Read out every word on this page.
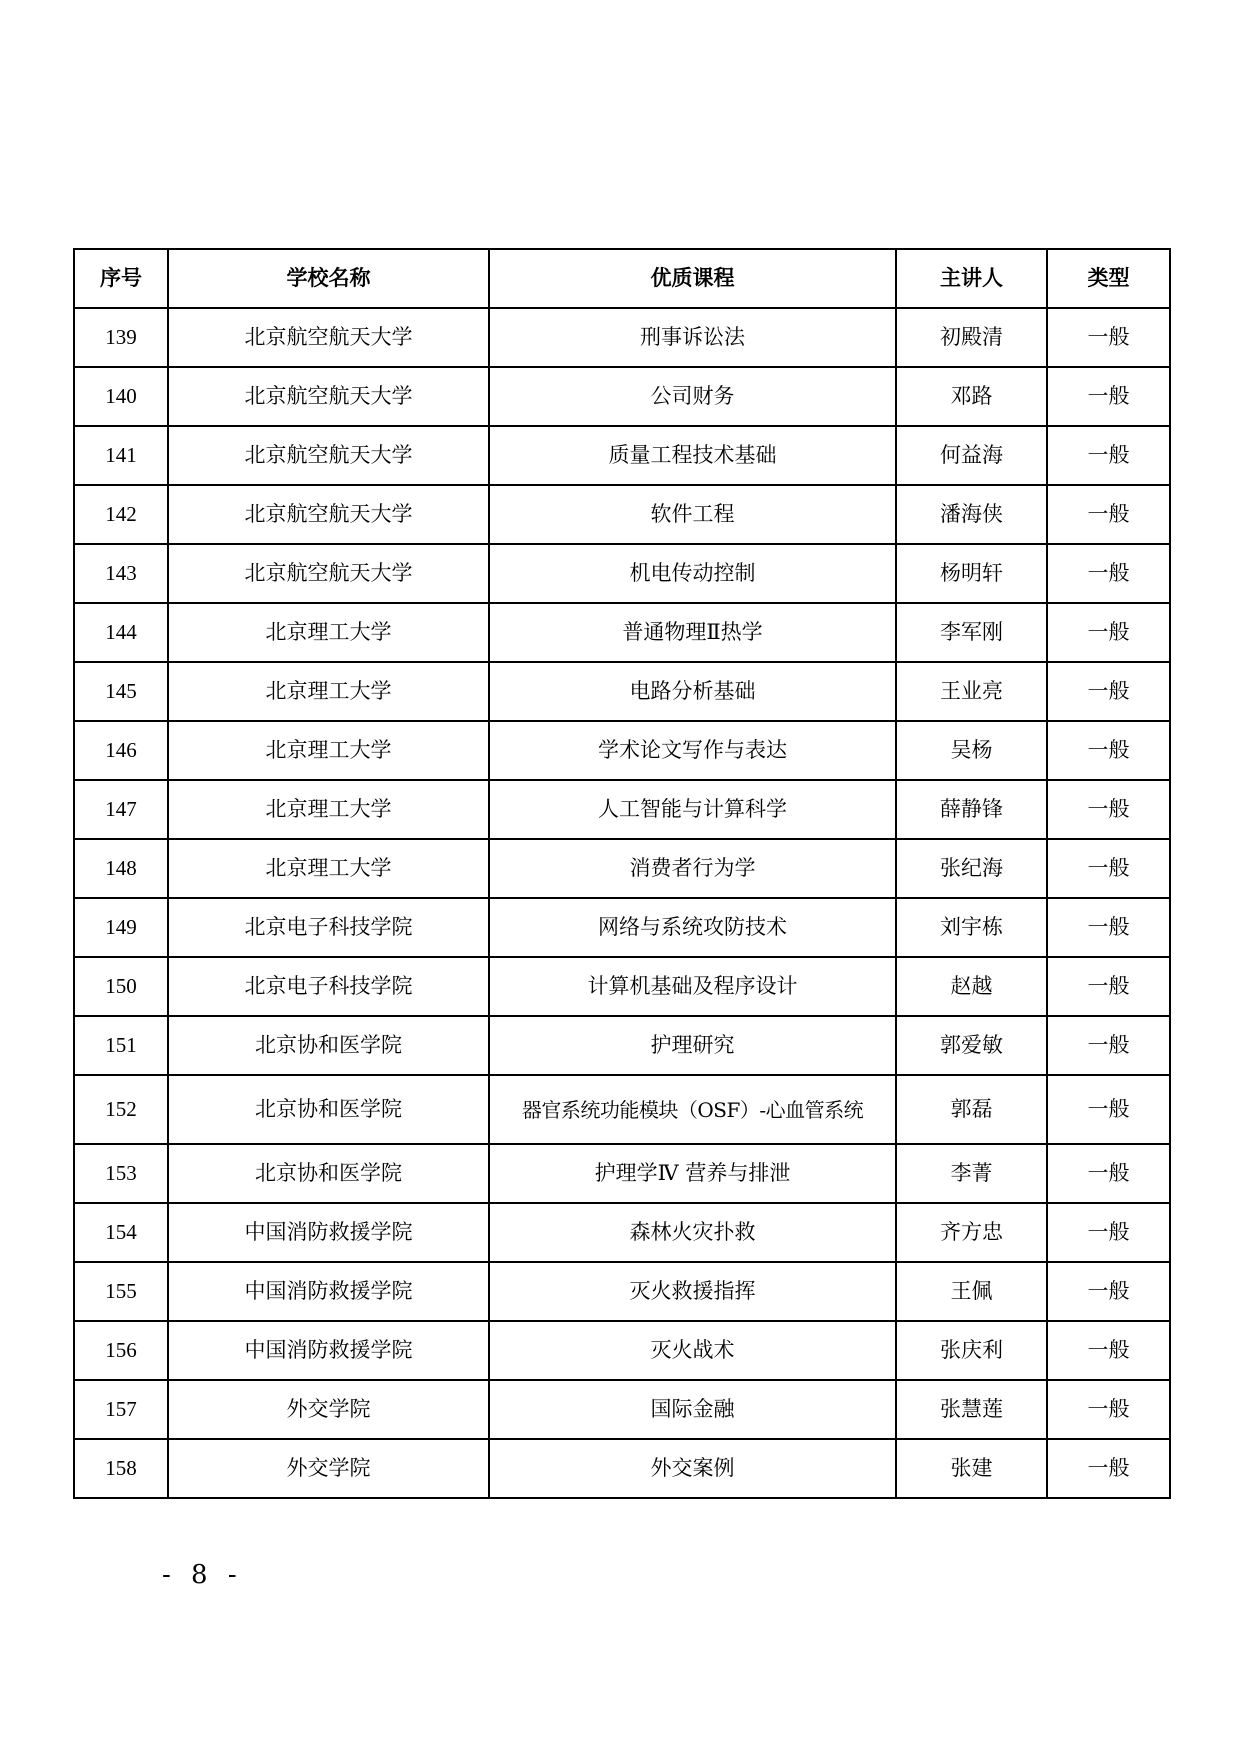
序号	学校名称	优质课程	主讲人	类型
139	北京航空航天大学	刑事诉讼法	初殿清	一般
140	北京航空航天大学	公司财务	邓路	一般
141	北京航空航天大学	质量工程技术基础	何益海	一般
142	北京航空航天大学	软件工程	潘海侠	一般
143	北京航空航天大学	机电传动控制	杨明轩	一般
144	北京理工大学	普通物理Ⅱ热学	李军刚	一般
145	北京理工大学	电路分析基础	王业亮	一般
146	北京理工大学	学术论文写作与表达	吴杨	一般
147	北京理工大学	人工智能与计算科学	薛静锋	一般
148	北京理工大学	消费者行为学	张纪海	一般
149	北京电子科技学院	网络与系统攻防技术	刘宇栋	一般
150	北京电子科技学院	计算机基础及程序设计	赵越	一般
151	北京协和医学院	护理研究	郭爱敏	一般
152	北京协和医学院	器官系统功能模块（OSF）-心血管系统	郭磊	一般
153	北京协和医学院	护理学Ⅳ 营养与排泄	李菁	一般
154	中国消防救援学院	森林火灾扑救	齐方忠	一般
155	中国消防救援学院	灭火救援指挥	王佩	一般
156	中国消防救援学院	灭火战术	张庆利	一般
157	外交学院	国际金融	张慧莲	一般
158	外交学院	外交案例	张建	一般
- 8 -
